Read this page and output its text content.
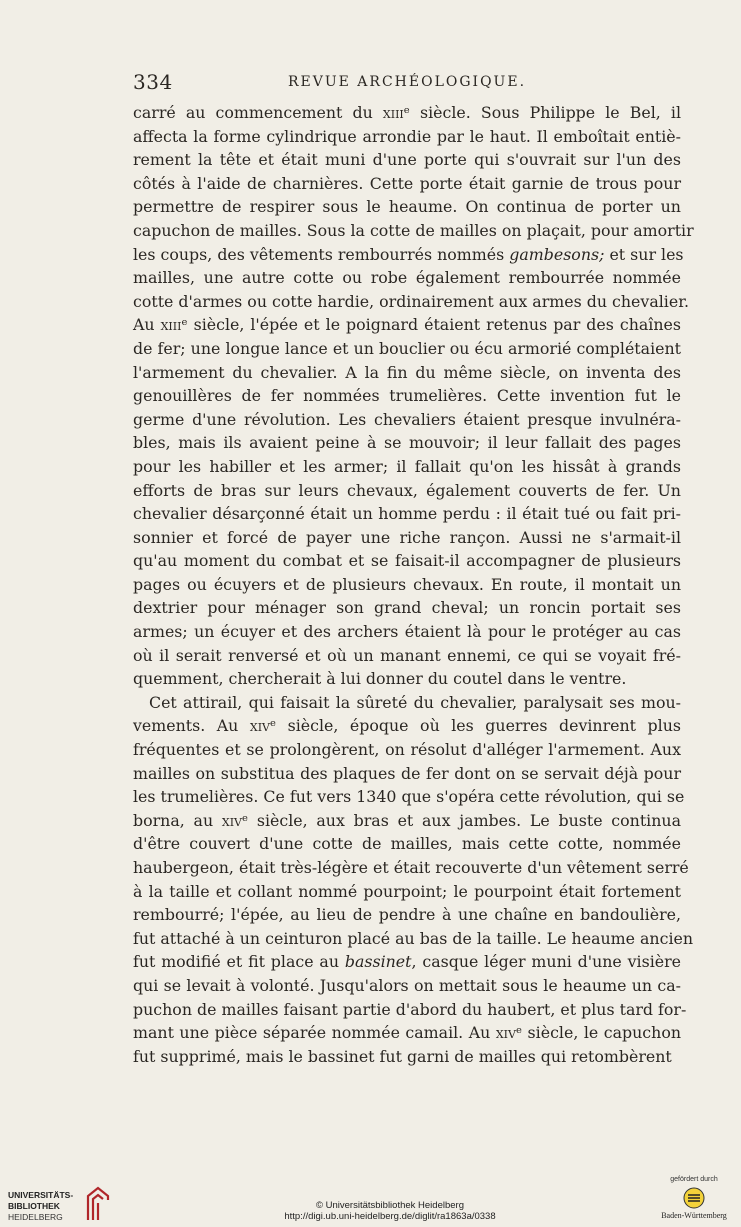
334	REVUE ARCHÉOLOGIQUE.
carré au commencement du xiiiᵉ siècle. Sous Philippe le Bel, il
affecta la forme cylindrique arrondie par le haut. Il emboîtait entiè-
rement la tête et était muni d'une porte qui s'ouvrait sur l'un des
côtés à l'aide de charnières. Cette porte était garnie de trous pour
permettre de respirer sous le heaume. On continua de porter un
capuchon de mailles. Sous la cotte de mailles on plaçait, pour amortir
les coups, des vêtements rembourrés nommés gambesons; et sur les
mailles, une autre cotte ou robe également rembourrée nommée
cotte d'armes ou cotte hardie, ordinairement aux armes du chevalier.
Au xiiiᵉ siècle, l'épée et le poignard étaient retenus par des chaînes
de fer; une longue lance et un bouclier ou écu armorié complétaient
l'armement du chevalier. A la fin du même siècle, on inventa des
genouillères de fer nommées trumelières. Cette invention fut le
germe d'une révolution. Les chevaliers étaient presque invulnéra-
bles, mais ils avaient peine à se mouvoir; il leur fallait des pages
pour les habiller et les armer; il fallait qu'on les hissât à grands
efforts de bras sur leurs chevaux, également couverts de fer. Un
chevalier désarçonné était un homme perdu : il était tué ou fait pri-
sonnier et forcé de payer une riche rançon. Aussi ne s'armait-il
qu'au moment du combat et se faisait-il accompagner de plusieurs
pages ou écuyers et de plusieurs chevaux. En route, il montait un
dextrier pour ménager son grand cheval; un roncin portait ses
armes; un écuyer et des archers étaient là pour le protéger au cas
où il serait renversé et où un manant ennemi, ce qui se voyait fré-
quemment, chercherait à lui donner du coutel dans le ventre.
Cet attirail, qui faisait la sûreté du chevalier, paralysait ses mou-
vements. Au xivᵉ siècle, époque où les guerres devinrent plus
fréquentes et se prolongèrent, on résolut d'alléger l'armement. Aux
mailles on substitua des plaques de fer dont on se servait déjà pour
les trumelières. Ce fut vers 1340 que s'opéra cette révolution, qui se
borna, au xivᵉ siècle, aux bras et aux jambes. Le buste continua
d'être couvert d'une cotte de mailles, mais cette cotte, nommée
haubergeon, était très-légère et était recouverte d'un vêtement serré
à la taille et collant nommé pourpoint; le pourpoint était fortement
rembourré; l'épée, au lieu de pendre à une chaîne en bandoulière,
fut attaché à un ceinturon placé au bas de la taille. Le heaume ancien
fut modifié et fit place au bassinet, casque léger muni d'une visière
qui se levait à volonté. Jusqu'alors on mettait sous le heaume un ca-
puchon de mailles faisant partie d'abord du haubert, et plus tard for-
mant une pièce séparée nommée camail. Au xivᵉ siècle, le capuchon
fut supprimé, mais le bassinet fut garni de mailles qui retombèrent
UNIVERSITÄTS-
BIBLIOTHEK
HEIDELBERG
© Universitätsbibliothek Heidelberg
http://digi.ub.uni-heidelberg.de/diglit/ra1863a/0338
gefördert durch
Baden-Württemberg
